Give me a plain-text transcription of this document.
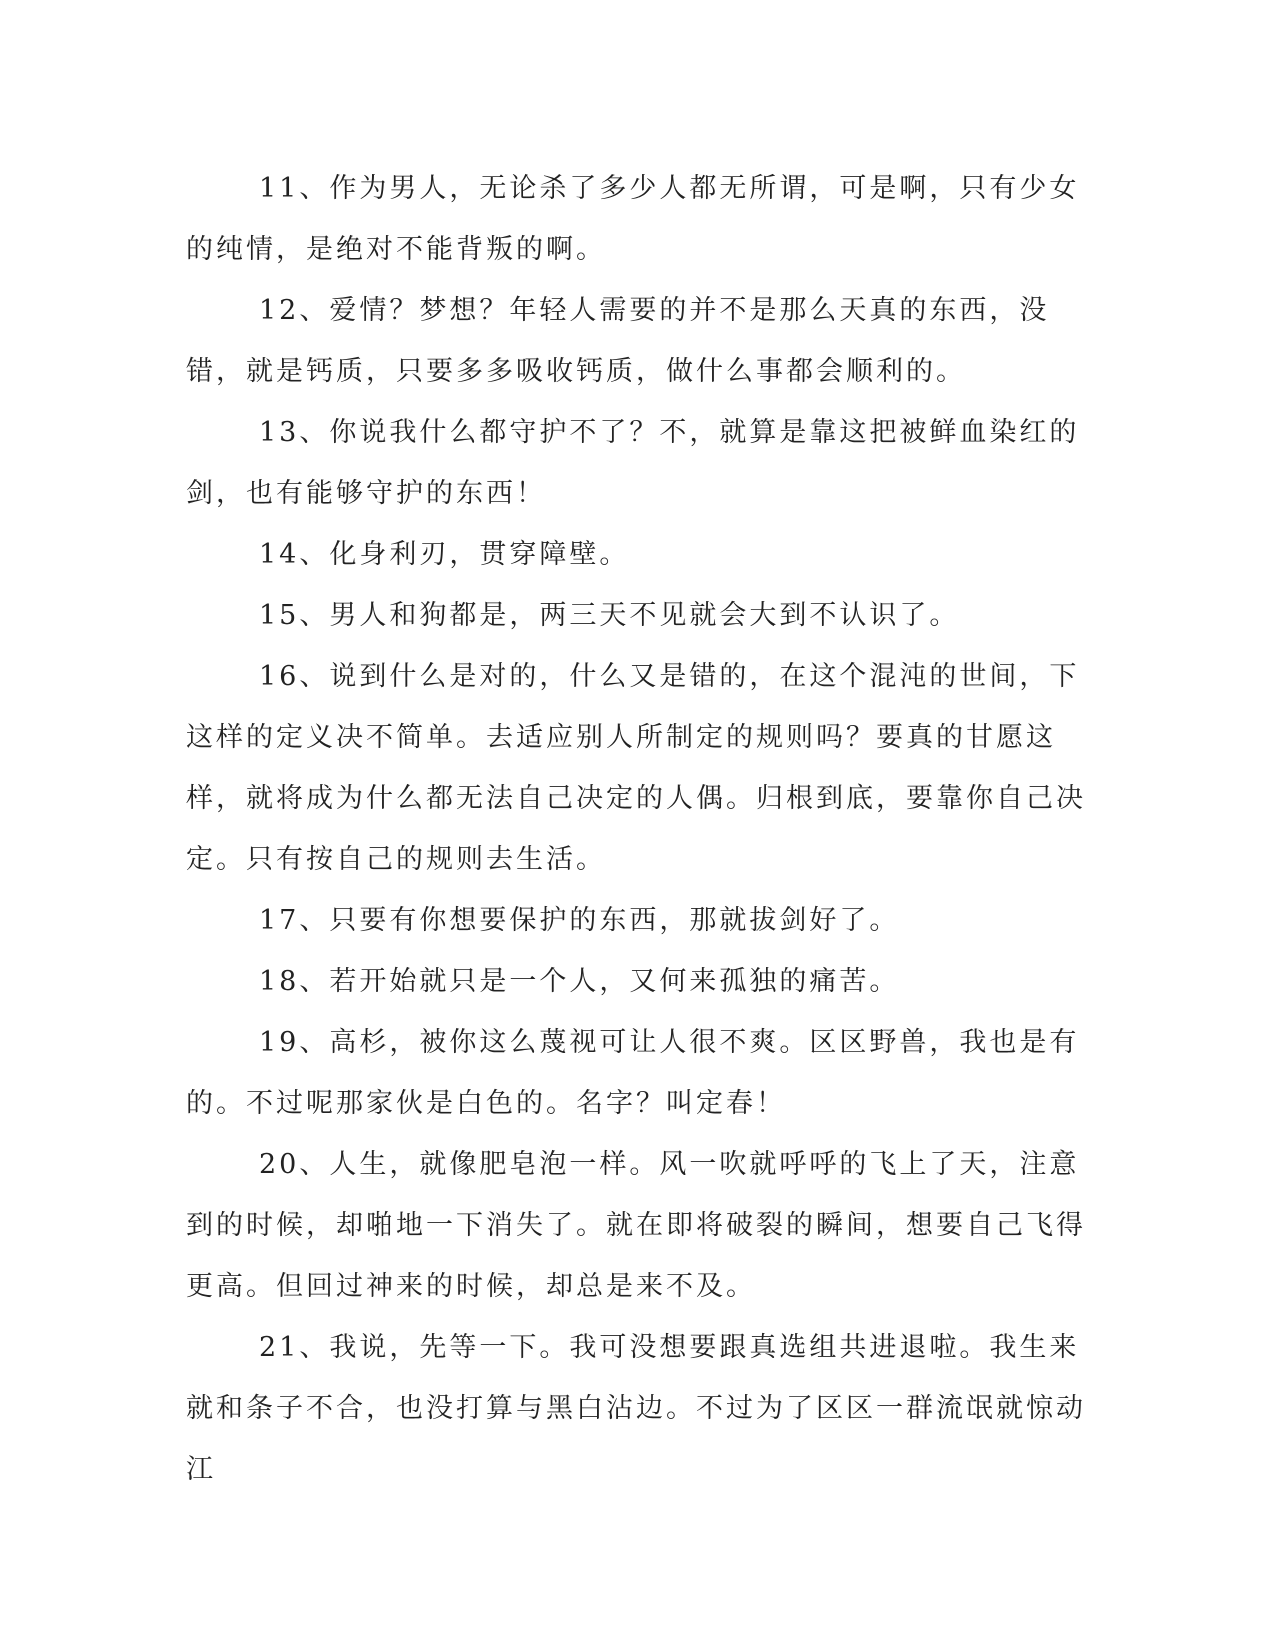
11、作为男人，无论杀了多少人都无所谓，可是啊，只有少女的纯情，是绝对不能背叛的啊。

12、爱情？梦想？年轻人需要的并不是那么天真的东西，没错，就是钙质，只要多多吸收钙质，做什么事都会顺利的。

13、你说我什么都守护不了？不，就算是靠这把被鲜血染红的剑，也有能够守护的东西！

14、化身利刃，贯穿障壁。

15、男人和狗都是，两三天不见就会大到不认识了。

16、说到什么是对的，什么又是错的，在这个混沌的世间，下这样的定义决不简单。去适应别人所制定的规则吗？要真的甘愿这样，就将成为什么都无法自己决定的人偶。归根到底，要靠你自己决定。只有按自己的规则去生活。

17、只要有你想要保护的东西，那就拔剑好了。

18、若开始就只是一个人，又何来孤独的痛苦。

19、高杉，被你这么蔑视可让人很不爽。区区野兽，我也是有的。不过呢那家伙是白色的。名字？叫定春！

20、人生，就像肥皂泡一样。风一吹就呼呼的飞上了天，注意到的时候，却啪地一下消失了。就在即将破裂的瞬间，想要自己飞得更高。但回过神来的时候，却总是来不及。

21、我说，先等一下。我可没想要跟真选组共进退啦。我生来就和条子不合，也没打算与黑白沾边。不过为了区区一群流氓就惊动江
